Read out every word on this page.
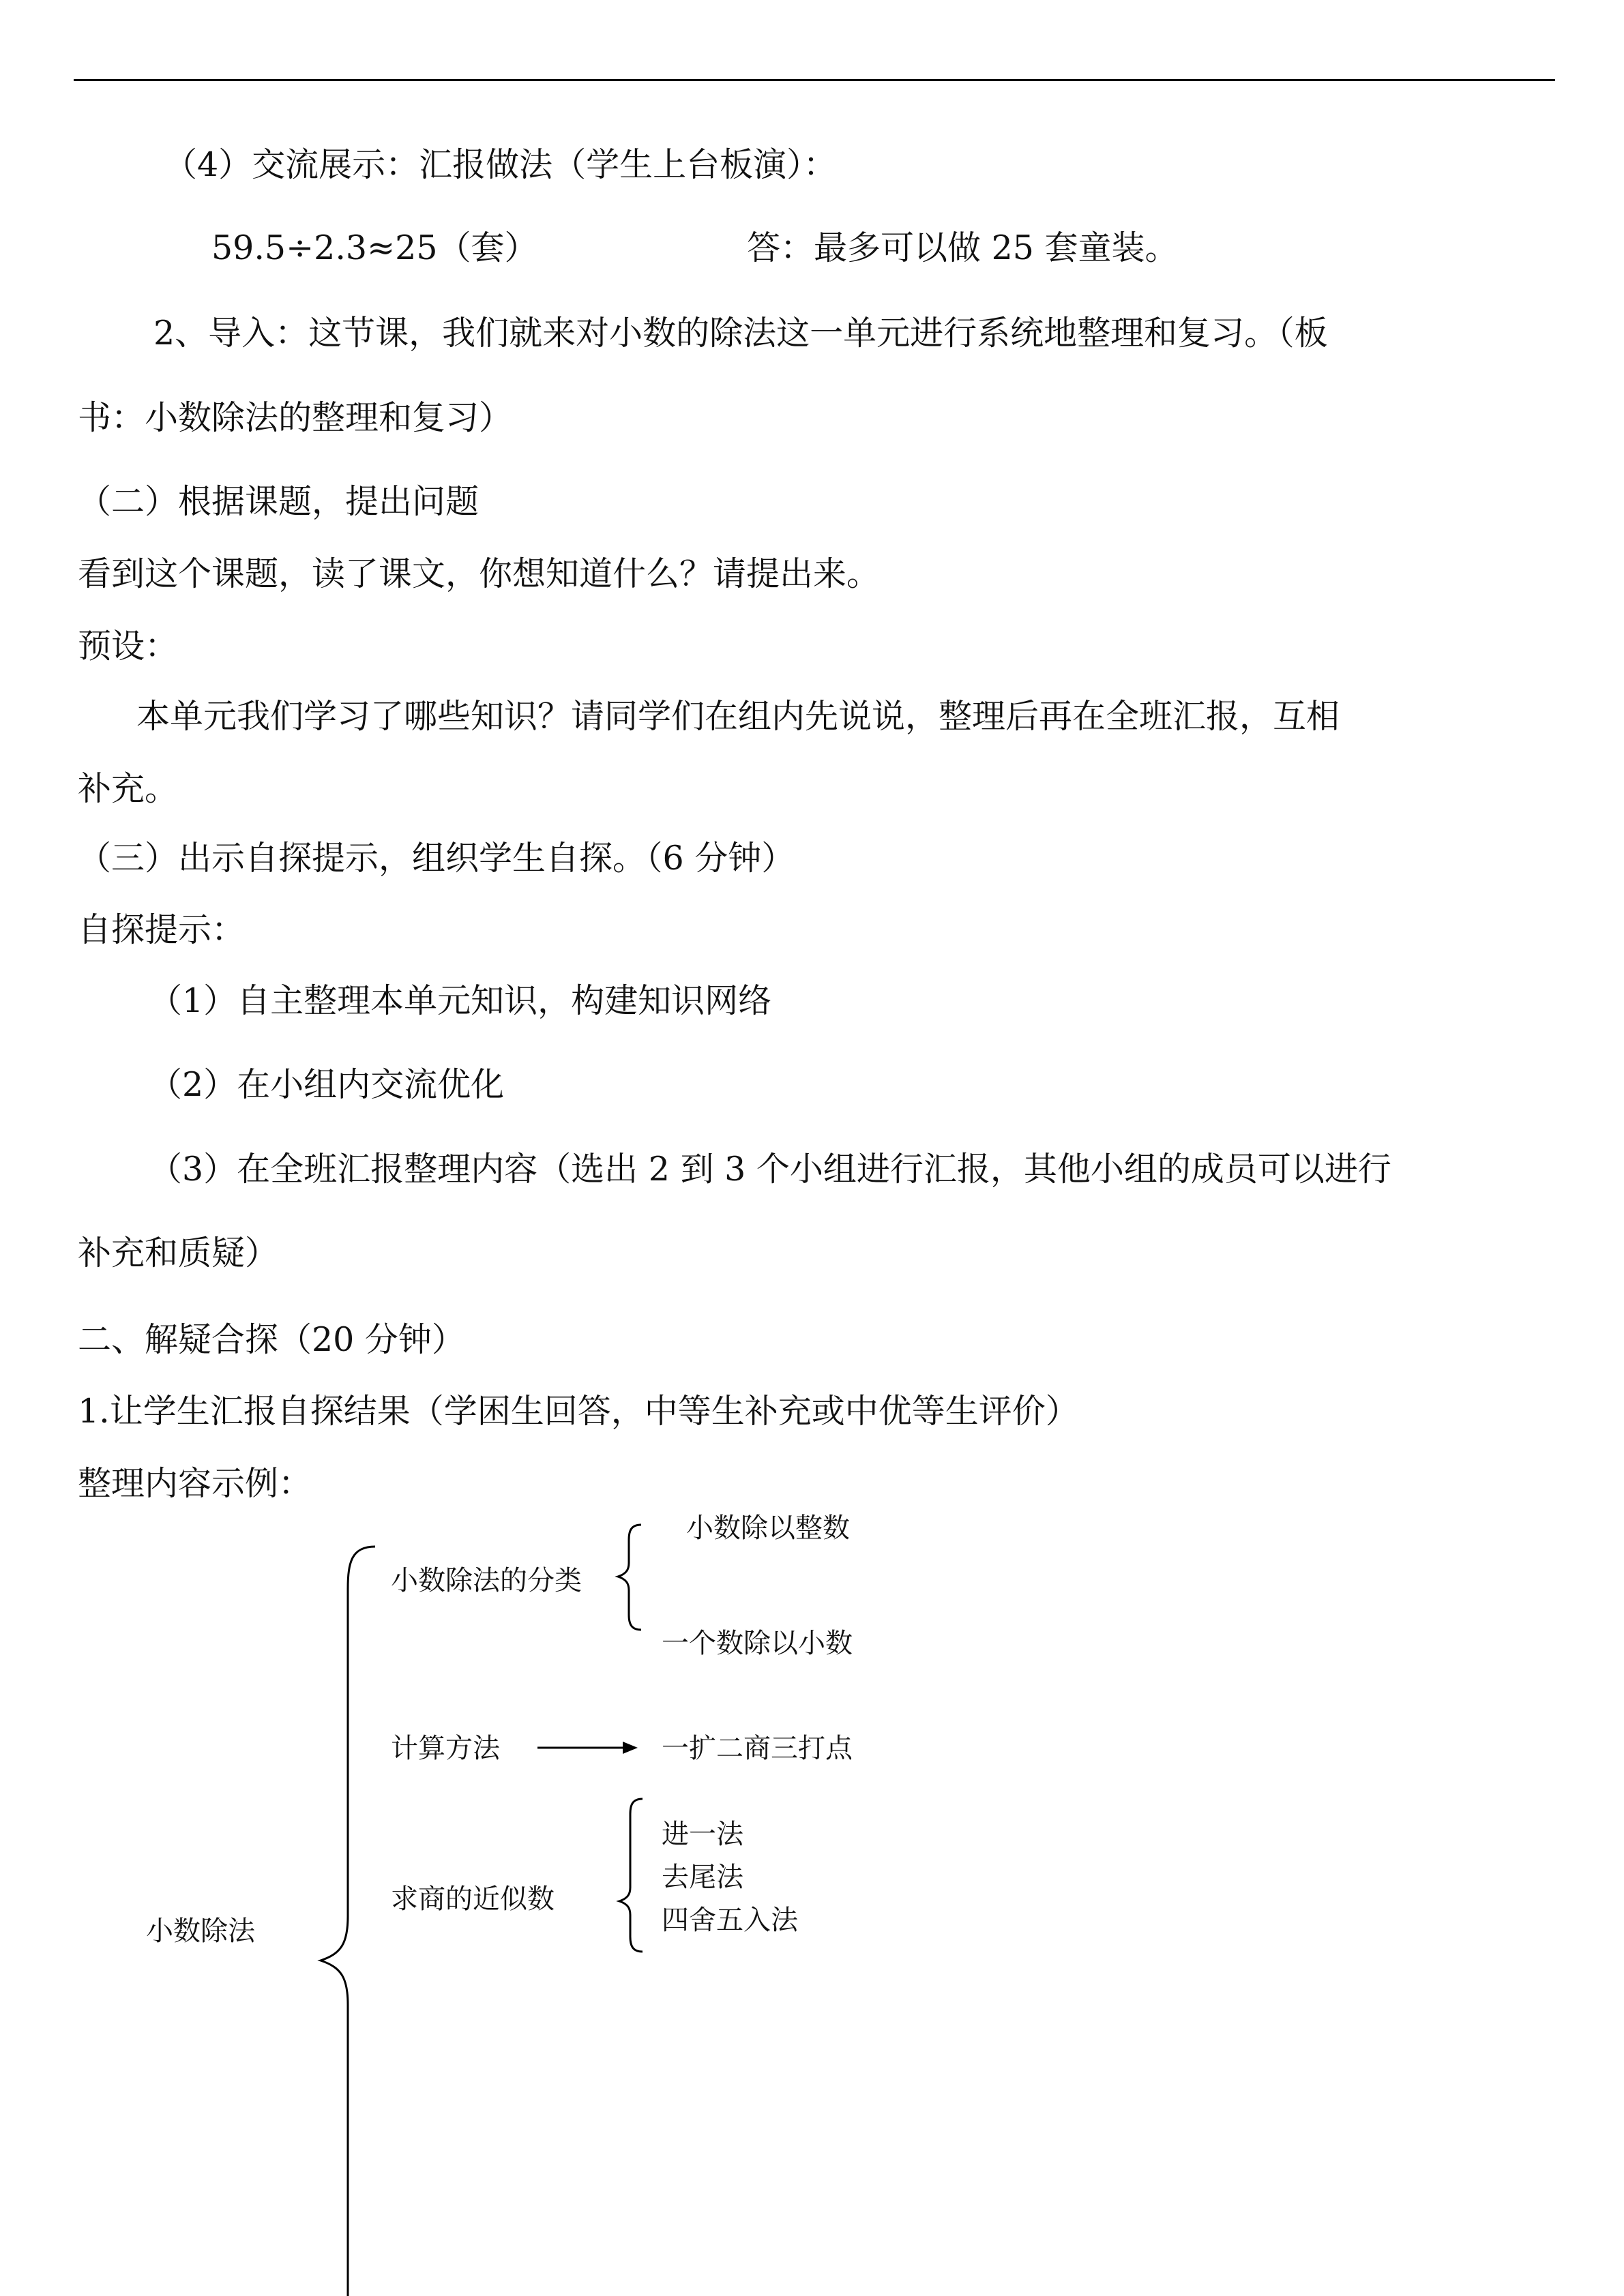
（4）交流展示：汇报做法（学生上台板演）：
59.5÷2.3≈25（套）	答：最多可以做 25 套童装。
2、导入：这节课，我们就来对小数的除法这一单元进行系统地整理和复习。（板
书：小数除法的整理和复习）
（二）根据课题，提出问题
看到这个课题，读了课文，你想知道什么？请提出来。
预设：
本单元我们学习了哪些知识？请同学们在组内先说说，整理后再在全班汇报，互相
补充。
（三）出示自探提示，组织学生自探。（6 分钟）
自探提示：
（1）自主整理本单元知识，构建知识网络
（2）在小组内交流优化
（3）在全班汇报整理内容（选出 2 到 3 个小组进行汇报，其他小组的成员可以进行
补充和质疑）
二、解疑合探（20 分钟）
1.让学生汇报自探结果（学困生回答，中等生补充或中优等生评价）
整理内容示例：
小数除以整数
小数除法的分类
一个数除以小数
计算方法	一扩二商三打点
进一法
去尾法
求商的近似数
四舍五入法
小数除法
